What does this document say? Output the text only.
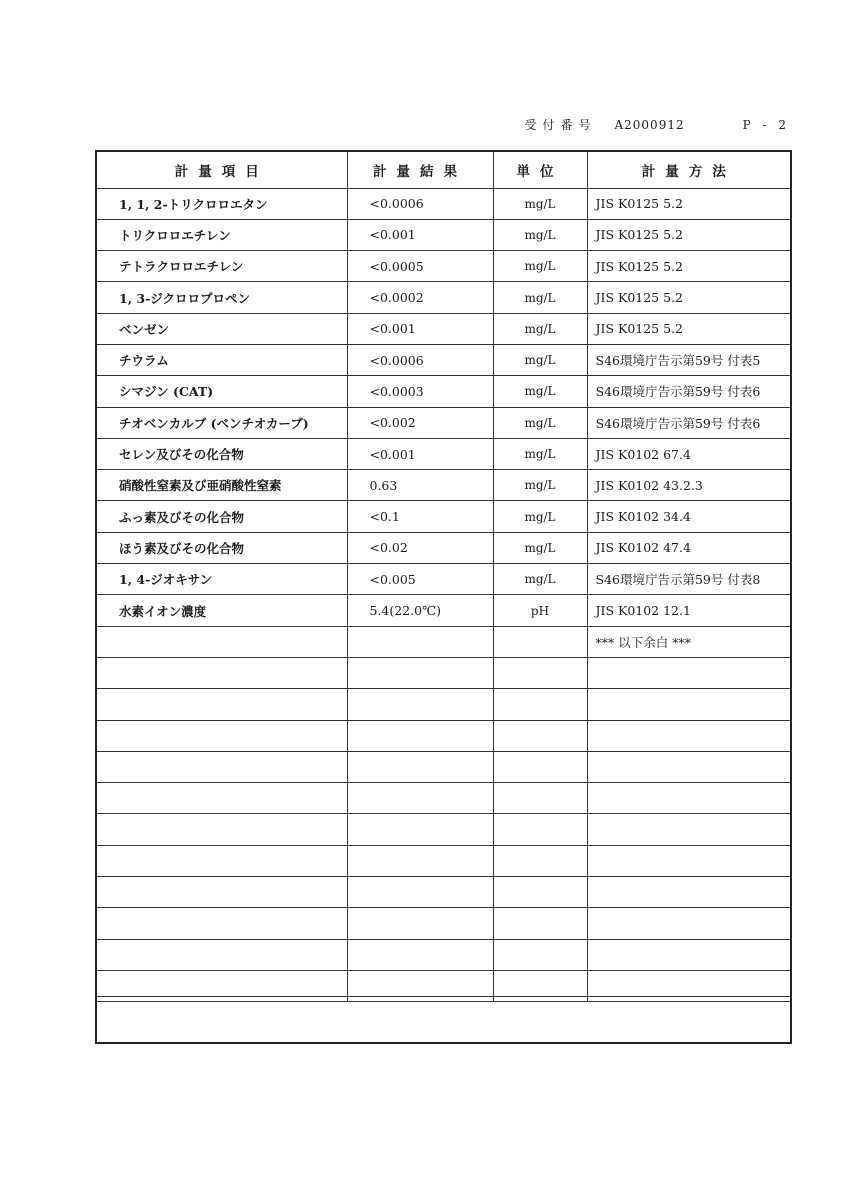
受付番号 A2000912	P - 2
計量項目	計量結果	単位	計量方法
1, 1, 2-トリクロロエタン	<0.0006	mg/L	JIS K0125 5.2
トリクロロエチレン	<0.001	mg/L	JIS K0125 5.2
テトラクロロエチレン	<0.0005	mg/L	JIS K0125 5.2
1, 3-ジクロロプロペン	<0.0002	mg/L	JIS K0125 5.2
ベンゼン	<0.001	mg/L	JIS K0125 5.2
チウラム	<0.0006	mg/L	S46環境庁告示第59号 付表5
シマジン (CAT)	<0.0003	mg/L	S46環境庁告示第59号 付表6
チオベンカルブ (ベンチオカーブ)	<0.002	mg/L	S46環境庁告示第59号 付表6
セレン及びその化合物	<0.001	mg/L	JIS K0102 67.4
硝酸性窒素及び亜硝酸性窒素	0.63	mg/L	JIS K0102 43.2.3
ふっ素及びその化合物	<0.1	mg/L	JIS K0102 34.4
ほう素及びその化合物	<0.02	mg/L	JIS K0102 47.4
1, 4-ジオキサン	<0.005	mg/L	S46環境庁告示第59号 付表8
水素イオン濃度	5.4(22.0℃)	pH	JIS K0102 12.1
			*** 以下余白 ***
